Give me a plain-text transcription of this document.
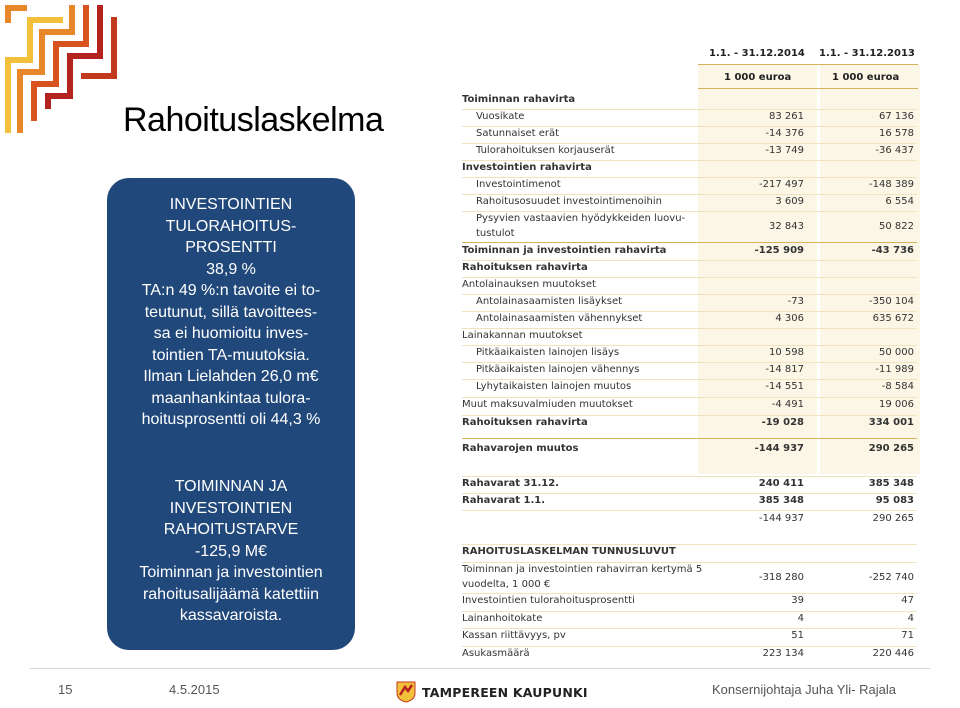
Rahoituslaskelma
INVESTOINTIEN
TULORAHOITUS-
PROSENTTI
38,9 %
TA:n 49 %:n tavoite ei to-
teutunut, sillä tavoittees-
sa ei huomioitu inves-
tointien TA-muutoksia.
Ilman Lielahden 26,0 m€
maanhankintaa tulora-
hoitusprosentti oli 44,3 %
TOIMINNAN JA
INVESTOINTIEN
RAHOITUSTARVE
-125,9 M€
Toiminnan ja investointien
rahoitusalijäämä katettiin
kassavaroista.
1.1. - 31.12.2014 1.1. - 31.12.2013
1 000 euroa	1 000 euroa
Toiminnan rahavirta
Vuosikate	83 261	67 136
Satunnaiset erät	-14 376	16 578
Tulorahoituksen korjauserät	-13 749	-36 437
Investointien rahavirta
Investointimenot	-217 497	-148 389
Rahoitusosuudet investointimenoihin	3 609	6 554
Pysyvien vastaavien hyödykkeiden luovu-
tustulot
32 843	50 822
Toiminnan ja investointien rahavirta	-125 909	-43 736
Rahoituksen rahavirta
Antolainauksen muutokset
Antolainasaamisten lisäykset	-73	-350 104
Antolainasaamisten vähennykset	4 306	635 672
Lainakannan muutokset
Pitkäaikaisten lainojen lisäys	10 598	50 000
Pitkäaikaisten lainojen vähennys	-14 817	-11 989
Lyhytaikaisten lainojen muutos	-14 551	-8 584
Muut maksuvalmiuden muutokset	-4 491	19 006
Rahoituksen rahavirta	-19 028	334 001
Rahavarojen muutos	-144 937	290 265
Rahavarat 31.12.	240 411	385 348
Rahavarat 1.1.	385 348	95 083
-144 937	290 265
RAHOITUSLASKELMAN TUNNUSLUVUT
Toiminnan ja investointien rahavirran kertymä 5
vuodelta, 1 000 €
-318 280	-252 740
Investointien tulorahoitusprosentti	39	47
Lainanhoitokate	4	4
Kassan riittävyys, pv	51	71
Asukasmäärä	223 134	220 446
15	4.5.2015	TAMPEREEN KAUPUNKI	Konsernijohtaja Juha Yli- Rajala
